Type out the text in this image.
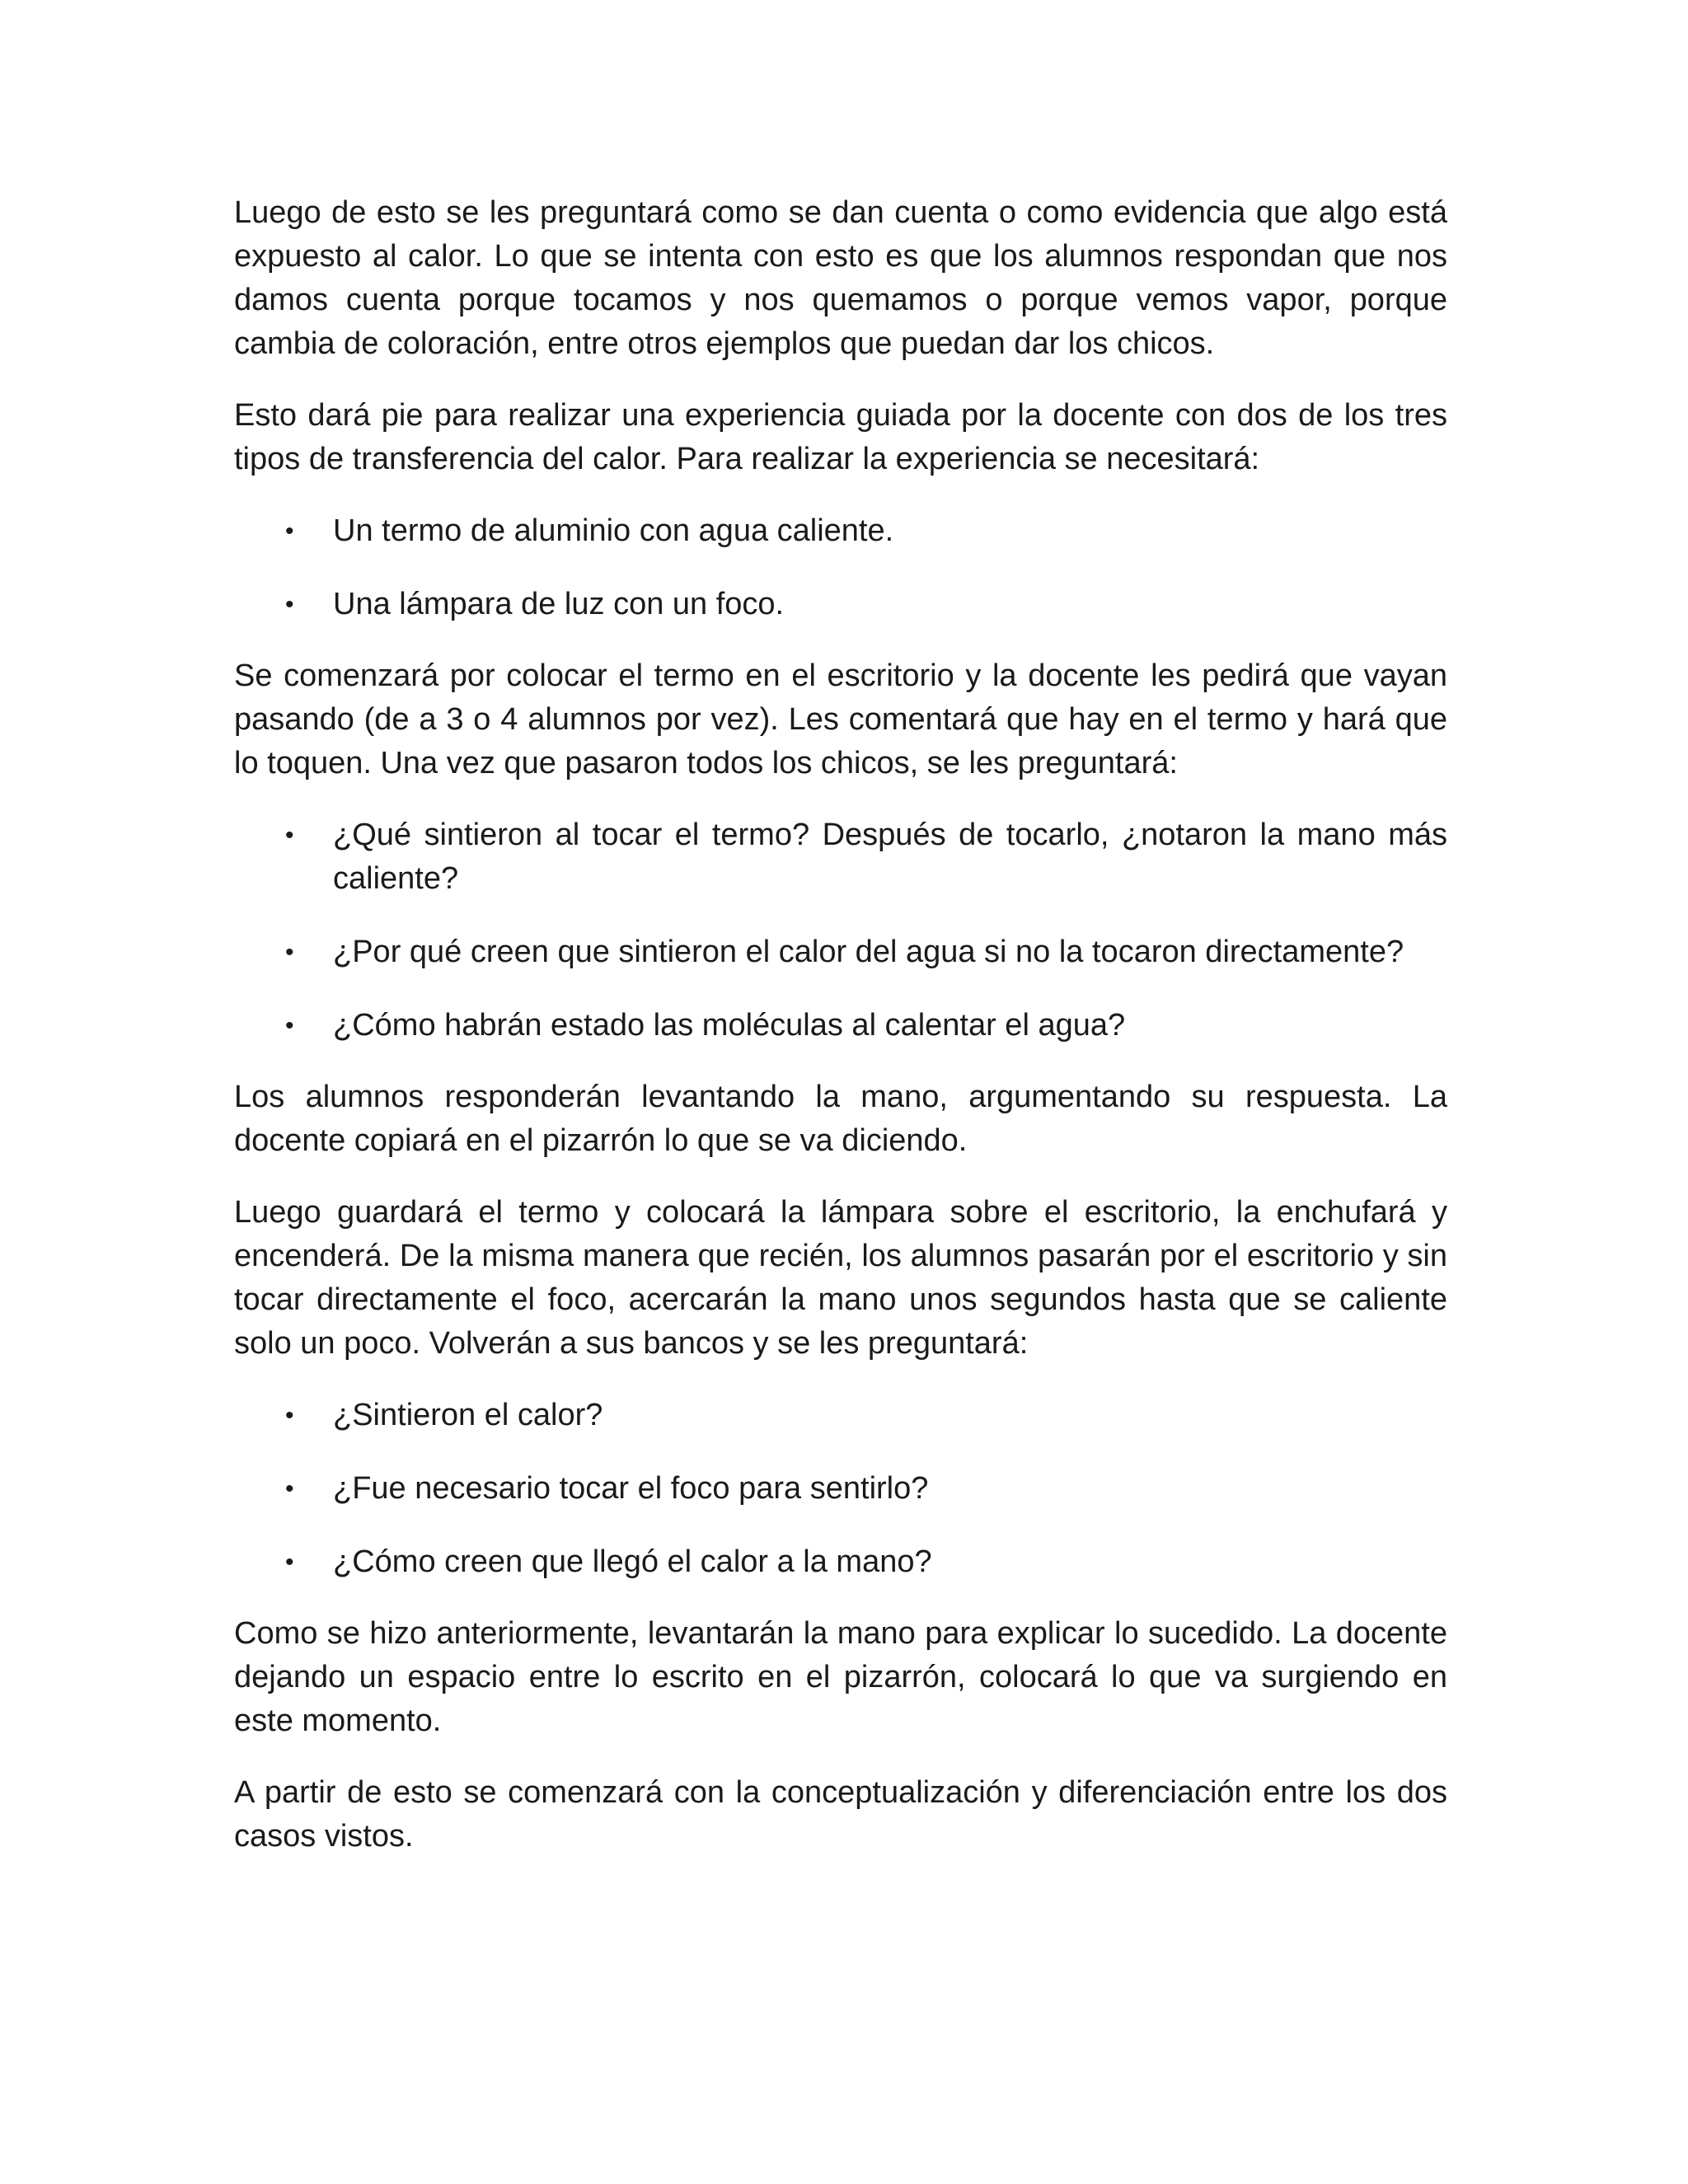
Luego de esto se les preguntará como se dan cuenta o como evidencia que algo está expuesto al calor. Lo que se intenta con esto es que los alumnos respondan que nos damos cuenta porque tocamos y nos quemamos o porque vemos vapor, porque cambia de coloración, entre otros ejemplos que puedan dar los chicos.

Esto dará pie para realizar una experiencia guiada por la docente con dos de los tres tipos de transferencia del calor. Para realizar la experiencia se necesitará:

• Un termo de aluminio con agua caliente.
• Una lámpara de luz con un foco.

Se comenzará por colocar el termo en el escritorio y la docente les pedirá que vayan pasando (de a 3 o 4 alumnos por vez). Les comentará que hay en el termo y hará que lo toquen. Una vez que pasaron todos los chicos, se les preguntará:

• ¿Qué sintieron al tocar el termo? Después de tocarlo, ¿notaron la mano más caliente?
• ¿Por qué creen que sintieron el calor del agua si no la tocaron directamente?
• ¿Cómo habrán estado las moléculas al calentar el agua?

Los alumnos responderán levantando la mano, argumentando su respuesta. La docente copiará en el pizarrón lo que se va diciendo.

Luego guardará el termo y colocará la lámpara sobre el escritorio, la enchufará y encenderá. De la misma manera que recién, los alumnos pasarán por el escritorio y sin tocar directamente el foco, acercarán la mano unos segundos hasta que se caliente solo un poco. Volverán a sus bancos y se les preguntará:

• ¿Sintieron el calor?
• ¿Fue necesario tocar el foco para sentirlo?
• ¿Cómo creen que llegó el calor a la mano?

Como se hizo anteriormente, levantarán la mano para explicar lo sucedido. La docente dejando un espacio entre lo escrito en el pizarrón, colocará lo que va surgiendo en este momento.

A partir de esto se comenzará con la conceptualización y diferenciación entre los dos casos vistos.
